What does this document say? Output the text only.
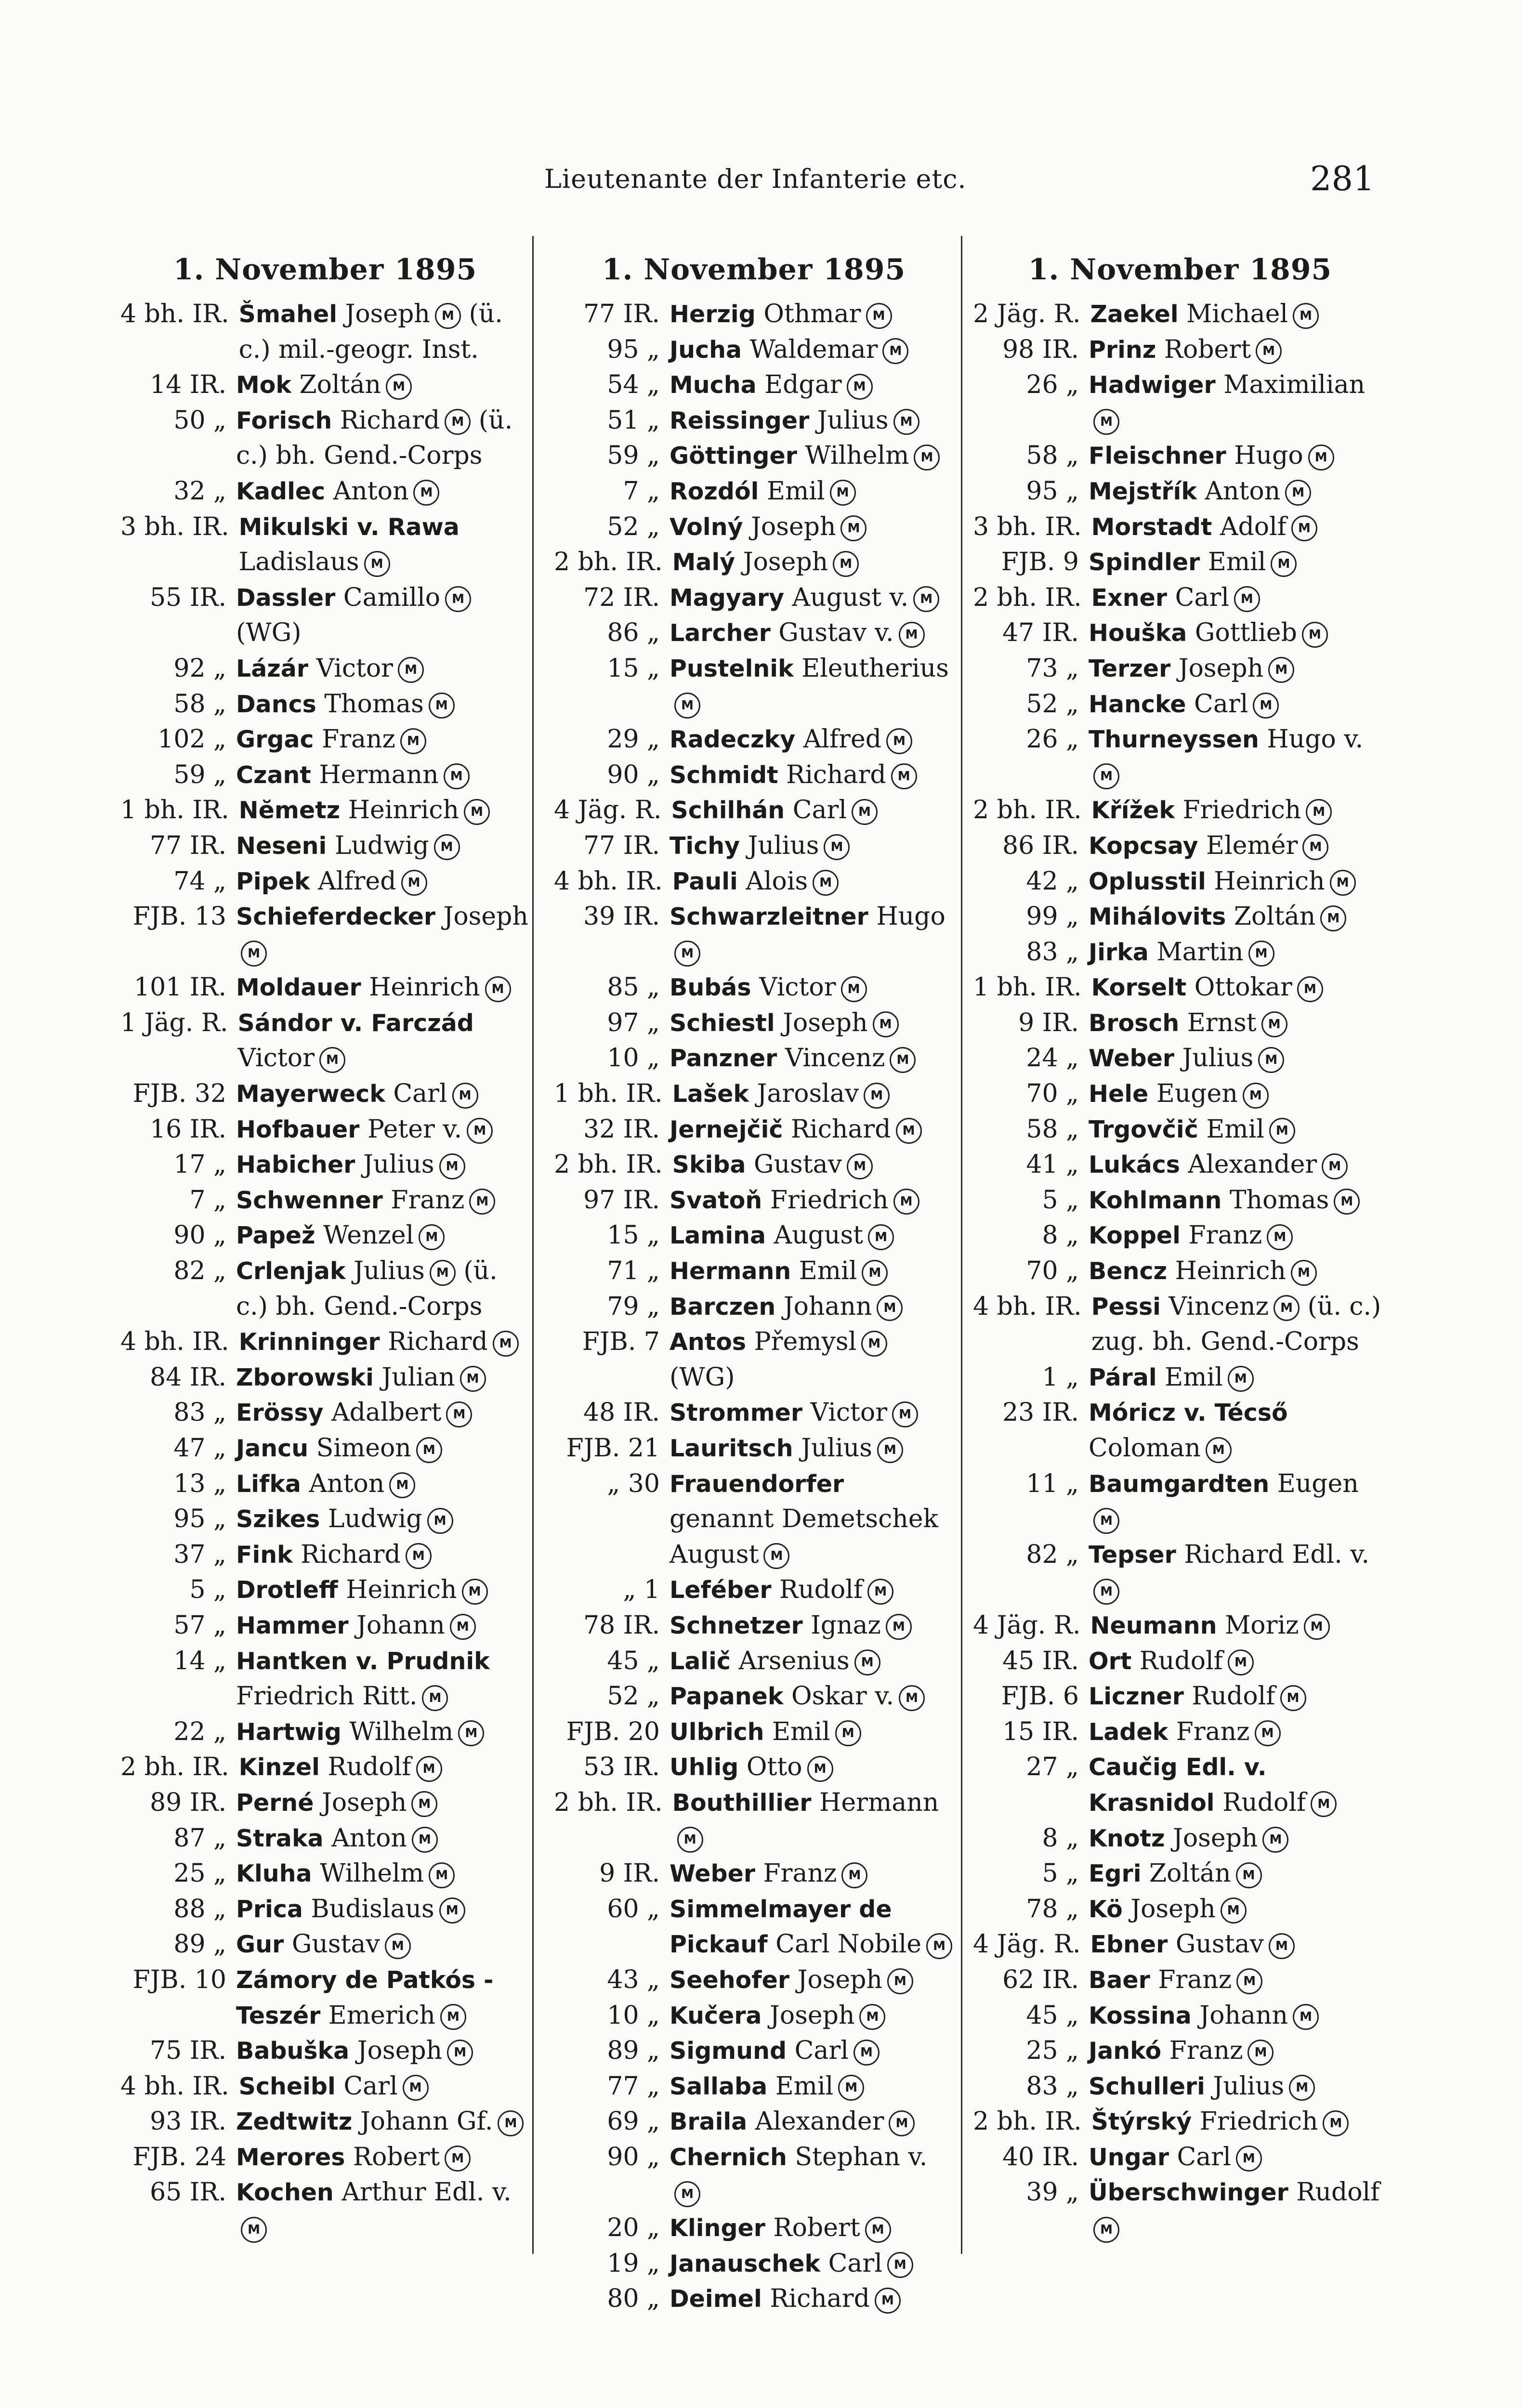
Lieutenante der Infanterie etc.	281
1. November 1895
4 bh. IR. Šmahel Joseph M (ü. c.) mil.-geogr. Inst.
14 IR. Mok Zoltán M
50 „ Forisch Richard M (ü. c.) bh. Gend.-Corps
32 „ Kadlec Anton M
3 bh. IR. Mikulski v. Rawa Ladislaus M
55 IR. Dassler Camillo M (WG)
92 „ Lázár Victor M
58 „ Dancs Thomas M
102 „ Grgac Franz M
59 „ Czant Hermann M
1 bh. IR. Nĕmetz Heinrich M
77 IR. Neseni Ludwig M
74 „ Pipek Alfred M
FJB. 13 Schieferdecker JosephM
101 IR. Moldauer Heinrich M
1 Jäg. R. Sándor v. Farczád Victor M
FJB. 32 Mayerweck Carl M
16 IR. Hofbauer Peter v. M
17 „ Habicher Julius M
7 „ Schwenner Franz M
90 „ Papež Wenzel M
82 „ Crlenjak Julius M (ü. c.) bh. Gend.-Corps
4 bh. IR. Krinninger Richard M
84 IR. Zborowski Julian M
83 „ Erössy Adalbert M
47 „ Jancu Simeon M
13 „ Lifka Anton M
95 „ Szikes Ludwig M
37 „ Fink Richard M
5 „ Drotleff Heinrich M
57 „ Hammer Johann M
14 „ Hantken v. Prudnik Friedrich Ritt. M
22 „ Hartwig Wilhelm M
2 bh. IR. Kinzel Rudolf M
89 IR. Perné Joseph M
87 „ Straka Anton M
25 „ Kluha Wilhelm M
88 „ Prica Budislaus M
89 „ Gur Gustav M
FJB. 10 Zámory de Patkós - Teszér Emerich M
75 IR. Babuška Joseph M
4 bh. IR. Scheibl Carl M
93 IR. Zedtwitz Johann Gf. M
FJB. 24 Merores Robert M
65 IR. Kochen Arthur Edl. v.M
1. November 1895
77 IR. Herzig Othmar M
95 „ Jucha Waldemar M
54 „ Mucha Edgar M
51 „ Reissinger Julius M
59 „ Göttinger Wilhelm M
7 „ Rozdól Emil M
52 „ Volný Joseph M
2 bh. IR. Malý Joseph M
72 IR. Magyary August v. M
86 „ Larcher Gustav v. M
15 „ Pustelnik EleutheriusM
29 „ Radeczky Alfred M
90 „ Schmidt Richard M
4 Jäg. R. Schilhán Carl M
77 IR. Tichy Julius M
4 bh. IR. Pauli Alois M
39 IR. Schwarzleitner HugoM
85 „ Bubás Victor M
97 „ Schiestl Joseph M
10 „ Panzner Vincenz M
1 bh. IR. Lašek Jaroslav M
32 IR. Jernejčič Richard M
2 bh. IR. Skiba Gustav M
97 IR. Svatoň Friedrich M
15 „ Lamina August M
71 „ Hermann Emil M
79 „ Barczen Johann M
FJB. 7 Antos Přemysl M (WG)
48 IR. Strommer Victor M
FJB. 21 Lauritsch Julius M
„ 30 Frauendorfer genannt Demetschek August M
„ 1 Leféber Rudolf M
78 IR. Schnetzer Ignaz M
45 „ Lalič Arsenius M
52 „ Papanek Oskar v. M
FJB. 20 Ulbrich Emil M
53 IR. Uhlig Otto M
2 bh. IR. Bouthillier HermannM
9 IR. Weber Franz M
60 „ Simmelmayer de Pickauf Carl Nobile M
43 „ Seehofer Joseph M
10 „ Kučera Joseph M
89 „ Sigmund Carl M
77 „ Sallaba Emil M
69 „ Braila Alexander M
90 „ Chernich Stephan v.M
20 „ Klinger Robert M
19 „ Janauschek Carl M
80 „ Deimel Richard M
1. November 1895
2 Jäg. R. Zaekel Michael M
98 IR. Prinz Robert M
26 „ Hadwiger MaximilianM
58 „ Fleischner Hugo M
95 „ Mejstřík Anton M
3 bh. IR. Morstadt Adolf M
FJB. 9 Spindler Emil M
2 bh. IR. Exner Carl M
47 IR. Houška Gottlieb M
73 „ Terzer Joseph M
52 „ Hancke Carl M
26 „ Thurneyssen Hugo v.M
2 bh. IR. Křížek Friedrich M
86 IR. Kopcsay Elemér M
42 „ Oplusstil Heinrich M
99 „ Mihálovits Zoltán M
83 „ Jirka Martin M
1 bh. IR. Korselt Ottokar M
9 IR. Brosch Ernst M
24 „ Weber Julius M
70 „ Hele Eugen M
58 „ Trgovčič Emil M
41 „ Lukács Alexander M
5 „ Kohlmann Thomas M
8 „ Koppel Franz M
70 „ Bencz Heinrich M
4 bh. IR. Pessi Vincenz M (ü. c.) zug. bh. Gend.-Corps
1 „ Páral Emil M
23 IR. Móricz v. Técső Coloman M
11 „ Baumgardten EugenM
82 „ Tepser Richard Edl. v.M
4 Jäg. R. Neumann Moriz M
45 IR. Ort Rudolf M
FJB. 6 Liczner Rudolf M
15 IR. Ladek Franz M
27 „ Caučig Edl. v. Krasnidol Rudolf M
8 „ Knotz Joseph M
5 „ Egri Zoltán M
78 „ Kö Joseph M
4 Jäg. R. Ebner Gustav M
62 IR. Baer Franz M
45 „ Kossina Johann M
25 „ Jankó Franz M
83 „ Schulleri Julius M
2 bh. IR. Štýrský Friedrich M
40 IR. Ungar Carl M
39 „ Überschwinger RudolfM
